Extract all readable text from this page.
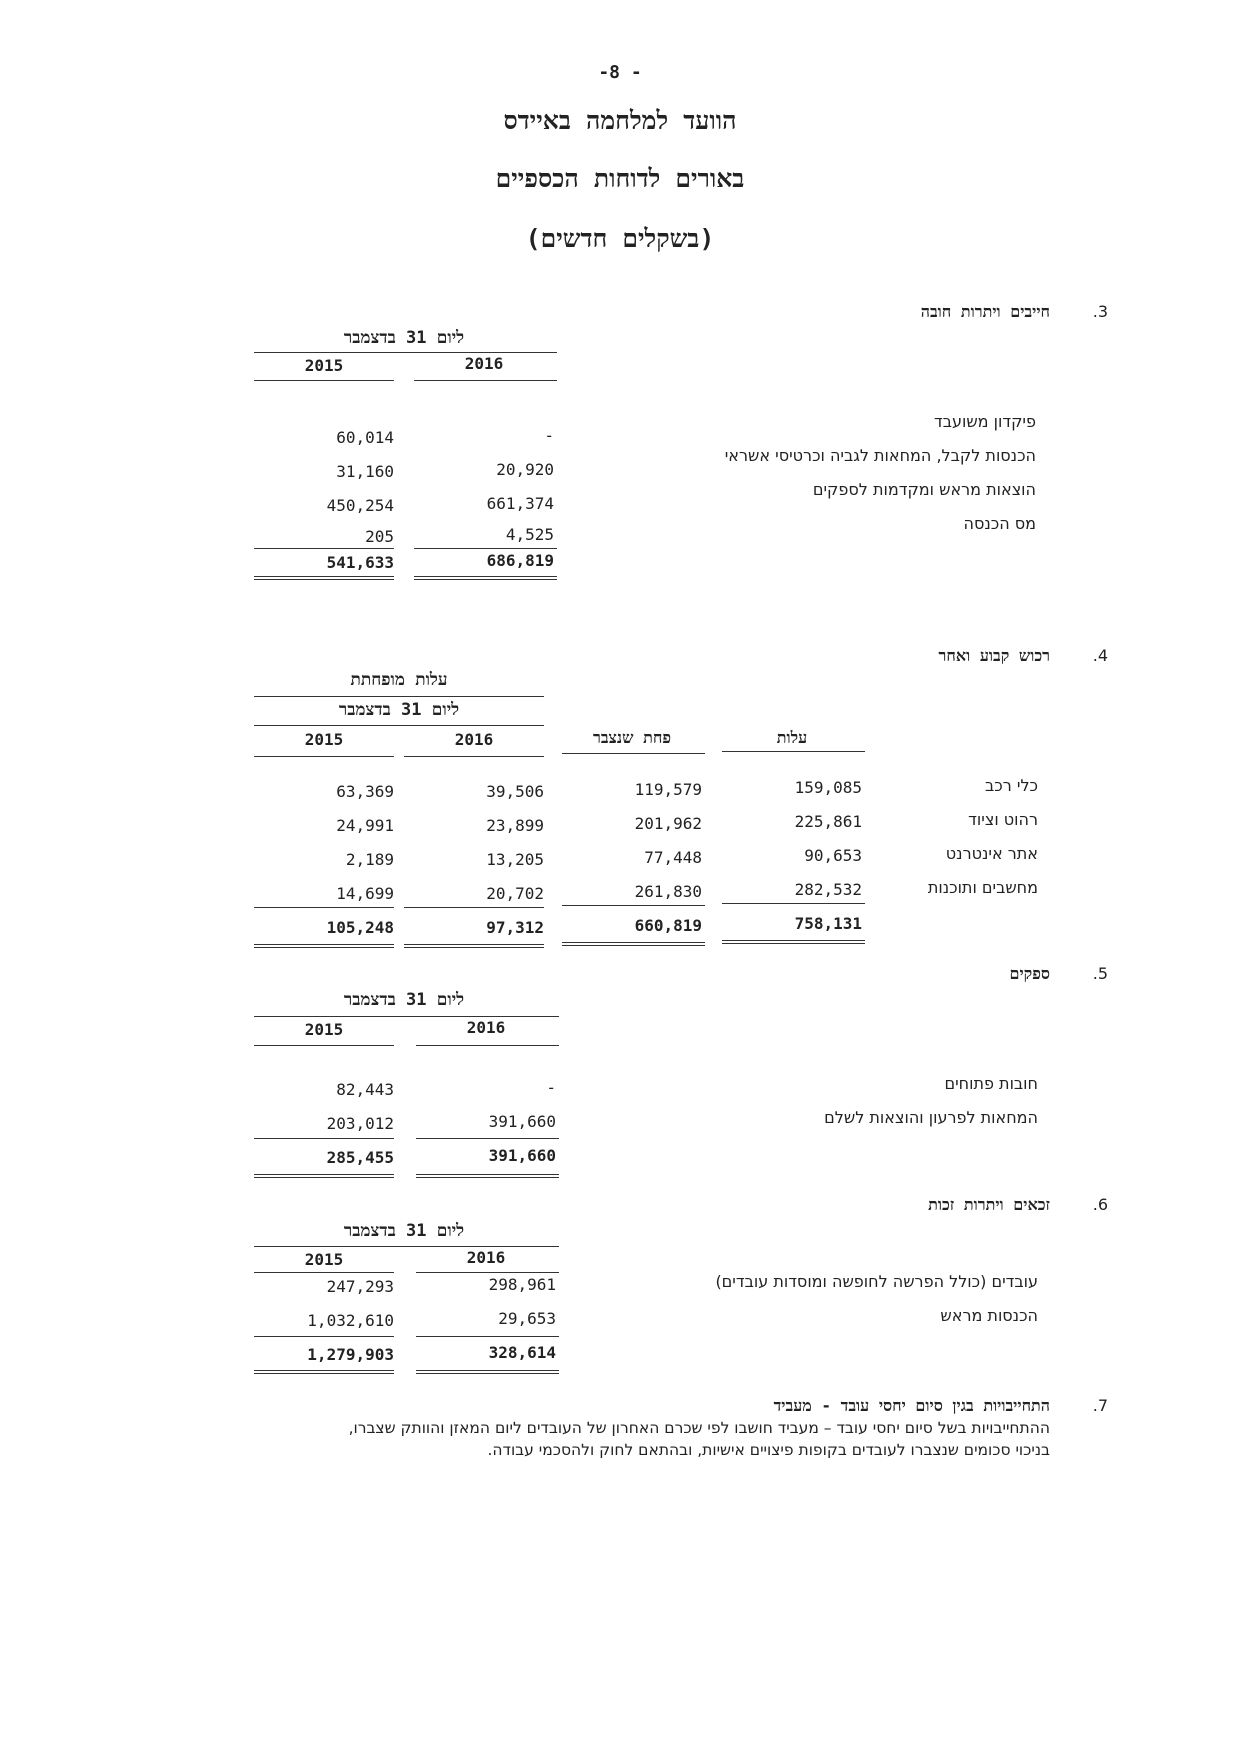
-8 -
הוועד למלחמה באיידס
באורים לדוחות הכספיים
(בשקלים חדשים)
.3
חייבים ויתרות חובה
ליום 31 בדצמבר
2016
2015
פיקדון משועבד
-
60,014
הכנסות לקבל, המחאות לגביה וכרטיסי אשראי
20,920
31,160
הוצאות מראש ומקדמות לספקים
661,374
450,254
מס הכנסה
4,525
205
686,819
541,633
.4
רכוש קבוע ואחר
עלות מופחתת
ליום 31 בדצמבר
2016
2015	פחת שנצבר	עלות
כלי רכב
159,085
119,579
39,506
63,369
רהוט וציוד
225,861
201,962
23,899
24,991
אתר אינטרנט
90,653
77,448
13,205
2,189
מחשבים ותוכנות
282,532
261,830
20,702
14,699
758,131
660,819
97,312
105,248
.5
ספקים
ליום 31 בדצמבר
2016
2015
חובות פתוחים
-
82,443
המחאות לפרעון והוצאות לשלם
391,660
203,012
391,660
285,455
.6
זכאים ויתרות זכות
ליום 31 בדצמבר
2016
2015
עובדים (כולל הפרשה לחופשה ומוסדות עובדים)
298,961
247,293
הכנסות מראש
29,653
1,032,610
328,614
1,279,903
.7
התחייבויות בגין סיום יחסי עובד - מעביד
ההתחייבויות בשל סיום יחסי עובד – מעביד חושבו לפי שכרם האחרון של העובדים ליום המאזן והוותק שצברו,
בניכוי סכומים שנצברו לעובדים בקופות פיצויים אישיות, ובהתאם לחוק ולהסכמי עבודה.
